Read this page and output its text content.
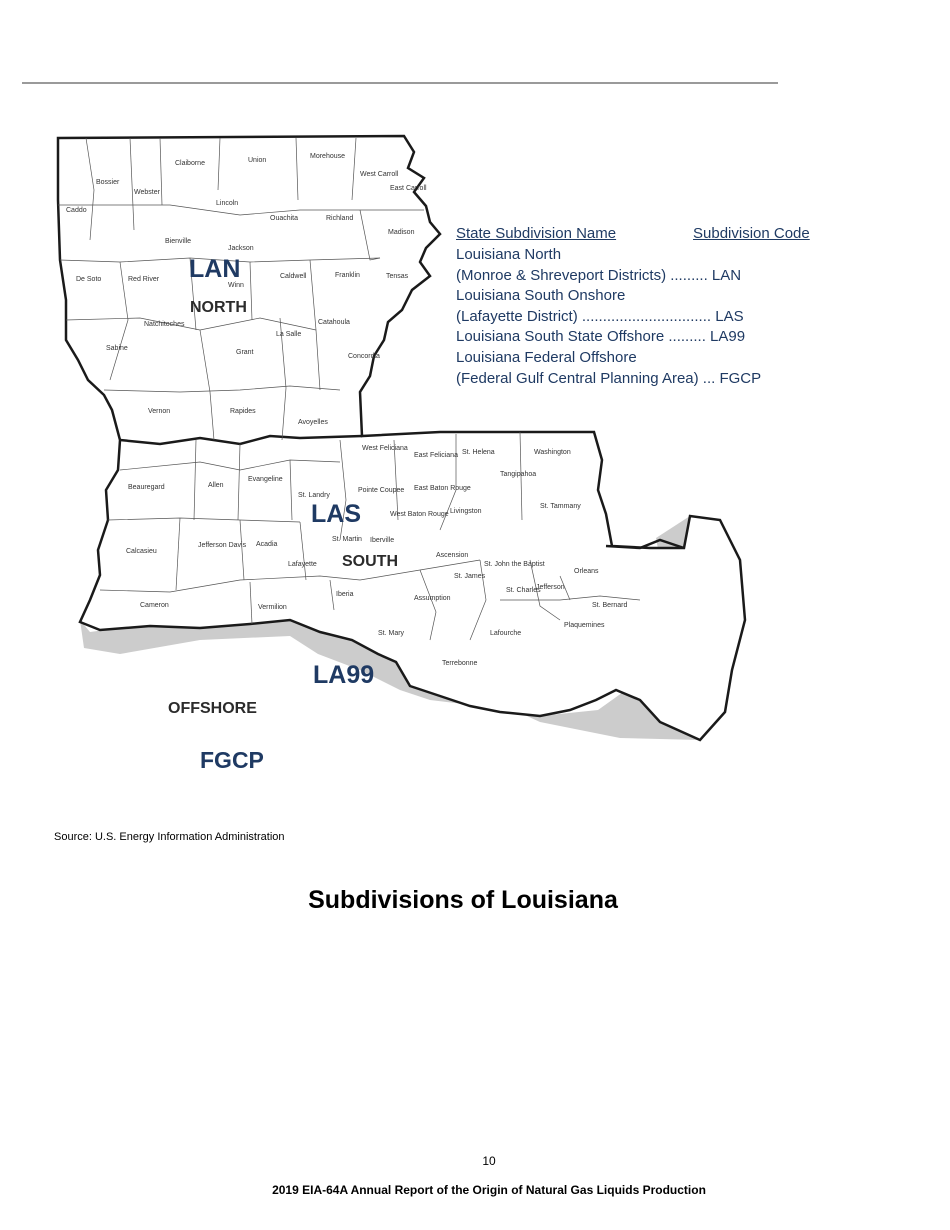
Bossier
Claiborne	Union
Morehouse
West Carroll
East Carroll
Caddo
Webster
Lincoln
Ouachita	Richland
Madison
Bienville
Jackson
De Soto	Red River
Winn
Caldwell	Franklin	Tensas
Natchitoches
La Salle
Catahoula
Sabine
Grant
Concordia
Vernon	Rapides
Avoyelles
West Feliciana
East Feliciana St. Helena	Washington
Beauregard	Allen
Evangeline
St. Landry
Pointe Coupee East Baton Rouge
Tangipahoa
Livingston
St. Tammany
West Baton Rouge
Calcasieu
Jefferson Davis Acadia
St. Martin Iberville
Lafayette
Ascension
St. John the Baptist
St. James
Orleans
Jefferson
St. Charles
Cameron	Vermilion
Iberia
Assumption
St. Bernard
St. Mary	Lafourche
Plaquemines
Terrebonne
LAN
NORTH
LAS
SOUTH
LA99
OFFSHORE
FGCP
State Subdivision Name	Subdivision Code
Louisiana North
(Monroe & Shreveport Districts) ......... LAN
Louisiana South Onshore
(Lafayette District) ............................... LAS
Louisiana South State Offshore ......... LA99
Louisiana Federal Offshore
(Federal Gulf Central Planning Area) ... FGCP
Source: U.S. Energy Information Administration
Subdivisions of Louisiana
10
2019 EIA-64A Annual Report of the Origin of Natural Gas Liquids Production
